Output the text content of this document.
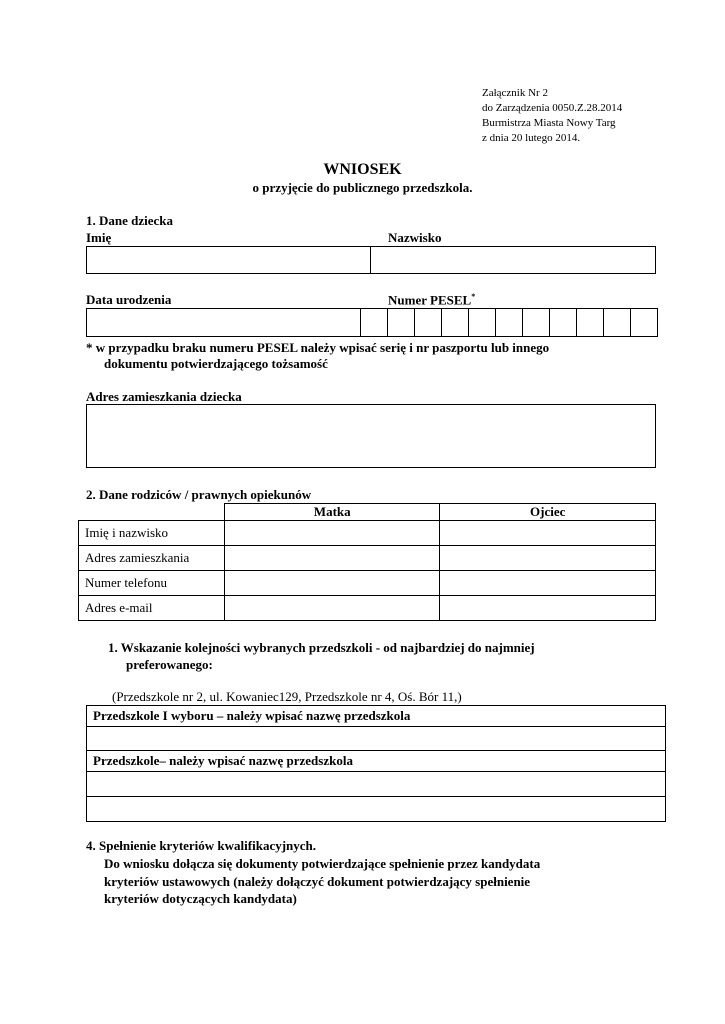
Załącznik Nr 2
do Zarządzenia 0050.Z.28.2014
Burmistrza Miasta Nowy Targ
z dnia 20 lutego 2014.
WNIOSEK
o przyjęcie do publicznego przedszkola.
1. Dane dziecka
Imię	Nazwisko
Data urodzenia	Numer PESEL*
* w przypadku braku numeru PESEL należy wpisać serię i nr paszportu lub innego
dokumentu potwierdzającego tożsamość
Adres zamieszkania dziecka
2. Dane rodziców / prawnych opiekunów
	Matka	Ojciec
Imię i nazwisko		
Adres zamieszkania		
Numer telefonu		
Adres e-mail		
1. Wskazanie kolejności wybranych przedszkoli - od najbardziej do najmniej
preferowanego:
(Przedszkole nr 2, ul. Kowaniec129, Przedszkole nr 4, Oś. Bór 11,)
Przedszkole I wyboru – należy wpisać nazwę przedszkola

Przedszkole– należy wpisać nazwę przedszkola

4. Spełnienie kryteriów kwalifikacyjnych.
Do wniosku dołącza się dokumenty potwierdzające spełnienie przez kandydata
kryteriów ustawowych (należy dołączyć dokument potwierdzający spełnienie
kryteriów dotyczących kandydata)
